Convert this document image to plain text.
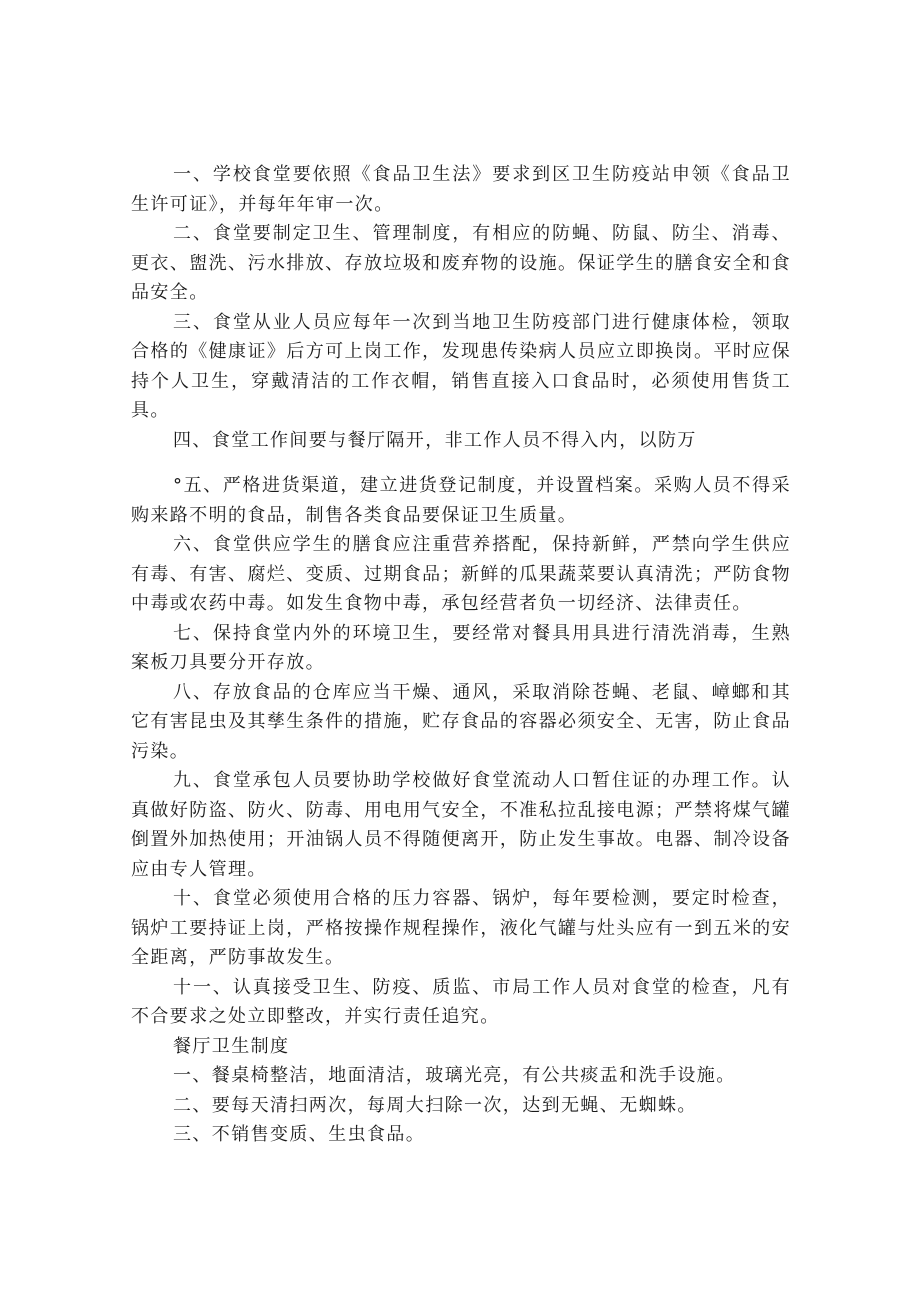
一、学校食堂要依照《食品卫生法》要求到区卫生防疫站申领《食品卫生许可证》，并每年年审一次。

二、食堂要制定卫生、管理制度，有相应的防蝇、防鼠、防尘、消毒、更衣、盥洗、污水排放、存放垃圾和废弃物的设施。保证学生的膳食安全和食品安全。

三、食堂从业人员应每年一次到当地卫生防疫部门进行健康体检，领取合格的《健康证》后方可上岗工作，发现患传染病人员应立即换岗。平时应保持个人卫生，穿戴清洁的工作衣帽，销售直接入口食品时，必须使用售货工具。

四、食堂工作间要与餐厅隔开，非工作人员不得入内，以防万

°五、严格进货渠道，建立进货登记制度，并设置档案。采购人员不得采购来路不明的食品，制售各类食品要保证卫生质量。

六、食堂供应学生的膳食应注重营养搭配，保持新鲜，严禁向学生供应有毒、有害、腐烂、变质、过期食品；新鲜的瓜果蔬菜要认真清洗；严防食物中毒或农药中毒。如发生食物中毒，承包经营者负一切经济、法律责任。

七、保持食堂内外的环境卫生，要经常对餐具用具进行清洗消毒，生熟案板刀具要分开存放。

八、存放食品的仓库应当干燥、通风，采取消除苍蝇、老鼠、嶂螂和其它有害昆虫及其孳生条件的措施，贮存食品的容器必须安全、无害，防止食品污染。

九、食堂承包人员要协助学校做好食堂流动人口暂住证的办理工作。认真做好防盗、防火、防毒、用电用气安全，不准私拉乱接电源；严禁将煤气罐倒置外加热使用；开油锅人员不得随便离开，防止发生事故。电器、制冷设备应由专人管理。

十、食堂必须使用合格的压力容器、锅炉，每年要检测，要定时检查，锅炉工要持证上岗，严格按操作规程操作，液化气罐与灶头应有一到五米的安全距离，严防事故发生。

十一、认真接受卫生、防疫、质监、市局工作人员对食堂的检查，凡有不合要求之处立即整改，并实行责任追究。

餐厅卫生制度

一、餐桌椅整洁，地面清洁，玻璃光亮，有公共痰盂和洗手设施。

二、要每天清扫两次，每周大扫除一次，达到无蝇、无蜘蛛。

三、不销售变质、生虫食品。
